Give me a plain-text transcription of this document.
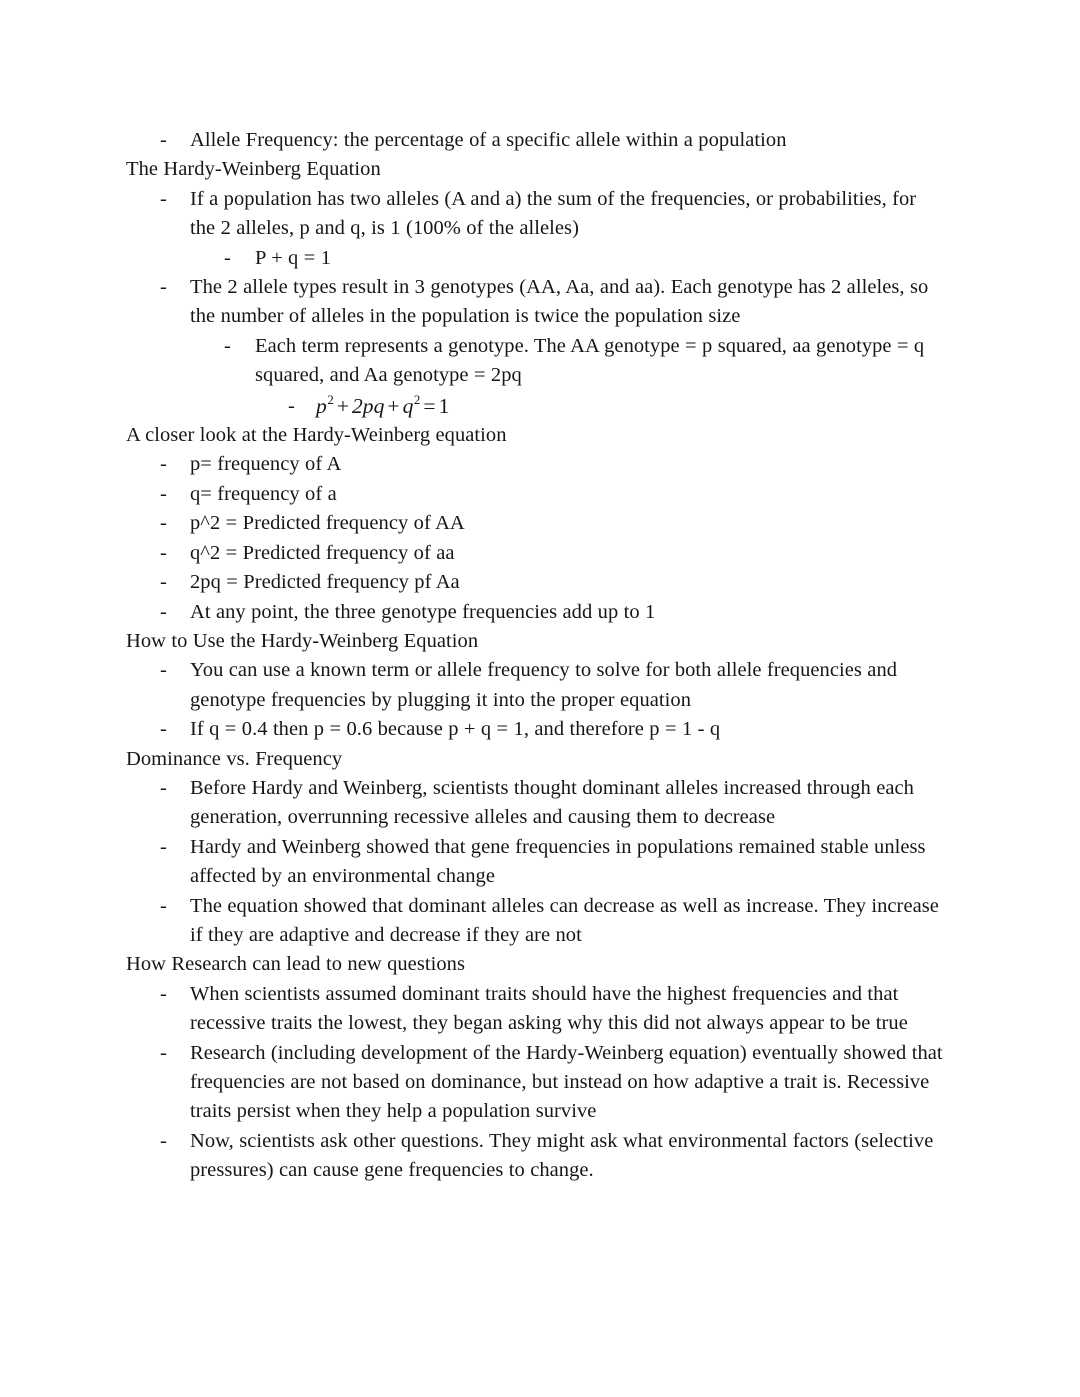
- Allele Frequency: the percentage of a specific allele within a population
The Hardy-Weinberg Equation
- If a population has two alleles (A and a) the sum of the frequencies, or probabilities, for the 2 alleles, p and q, is 1 (100% of the alleles)
- P + q = 1
- The 2 allele types result in 3 genotypes (AA, Aa, and aa). Each genotype has 2 alleles, so the number of alleles in the population is twice the population size
- Each term represents a genotype. The AA genotype = p squared, aa genotype = q squared, and Aa genotype = 2pq
- $p^2 + 2pq + q^2 = 1$
A closer look at the Hardy-Weinberg equation
- p= frequency of A
- q= frequency of a
- p^2 = Predicted frequency of AA
- q^2 = Predicted frequency of aa
- 2pq = Predicted frequency pf Aa
- At any point, the three genotype frequencies add up to 1
How to Use the Hardy-Weinberg Equation
- You can use a known term or allele frequency to solve for both allele frequencies and genotype frequencies by plugging it into the proper equation
- If q = 0.4 then p = 0.6 because p + q = 1, and therefore p = 1 - q
Dominance vs. Frequency
- Before Hardy and Weinberg, scientists thought dominant alleles increased through each generation, overrunning recessive alleles and causing them to decrease
- Hardy and Weinberg showed that gene frequencies in populations remained stable unless affected by an environmental change
- The equation showed that dominant alleles can decrease as well as increase. They increase if they are adaptive and decrease if they are not
How Research can lead to new questions
- When scientists assumed dominant traits should have the highest frequencies and that recessive traits the lowest, they began asking why this did not always appear to be true
- Research (including development of the Hardy-Weinberg equation) eventually showed that frequencies are not based on dominance, but instead on how adaptive a trait is. Recessive traits persist when they help a population survive
- Now, scientists ask other questions. They might ask what environmental factors (selective pressures) can cause gene frequencies to change.
